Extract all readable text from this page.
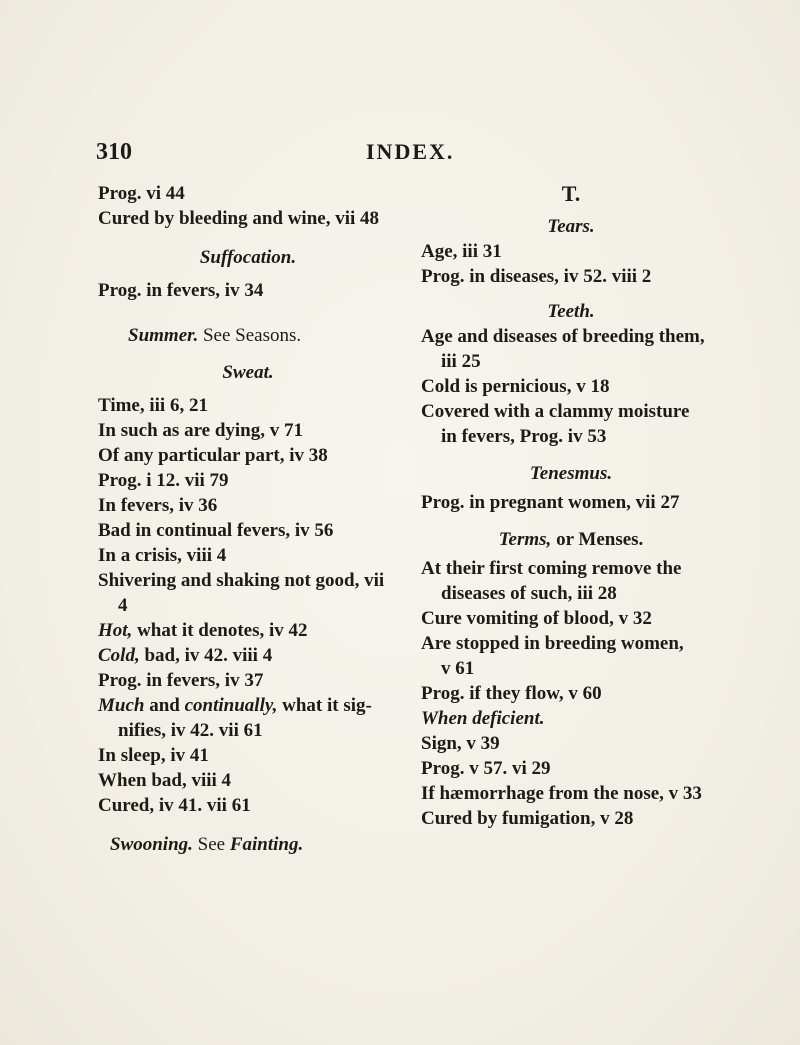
310	INDEX.
Prog. vi 44
Cured by bleeding and wine, vii 48
Suffocation.
Prog. in fevers, iv 34
Summer. See Seasons.
Sweat.
Time, iii 6, 21
In such as are dying, v 71
Of any particular part, iv 38
Prog. i 12. vii 79
In fevers, iv 36
Bad in continual fevers, iv 56
In a crisis, viii 4
Shivering and shaking not good, vii
4
Hot, what it denotes, iv 42
Cold, bad, iv 42. viii 4
Prog. in fevers, iv 37
Much and continually, what it sig-
nifies, iv 42. vii 61
In sleep, iv 41
When bad, viii 4
Cured, iv 41. vii 61
Swooning. See Fainting.
T.
Tears.
Age, iii 31
Prog. in diseases, iv 52. viii 2
Teeth.
Age and diseases of breeding them,
iii 25
Cold is pernicious, v 18
Covered with a clammy moisture
in fevers, Prog. iv 53
Tenesmus.
Prog. in pregnant women, vii 27
Terms, or Menses.
At their first coming remove the
diseases of such, iii 28
Cure vomiting of blood, v 32
Are stopped in breeding women,
v 61
Prog. if they flow, v 60
When deficient.
Sign, v 39
Prog. v 57. vi 29
If hæmorrhage from the nose, v 33
Cured by fumigation, v 28
